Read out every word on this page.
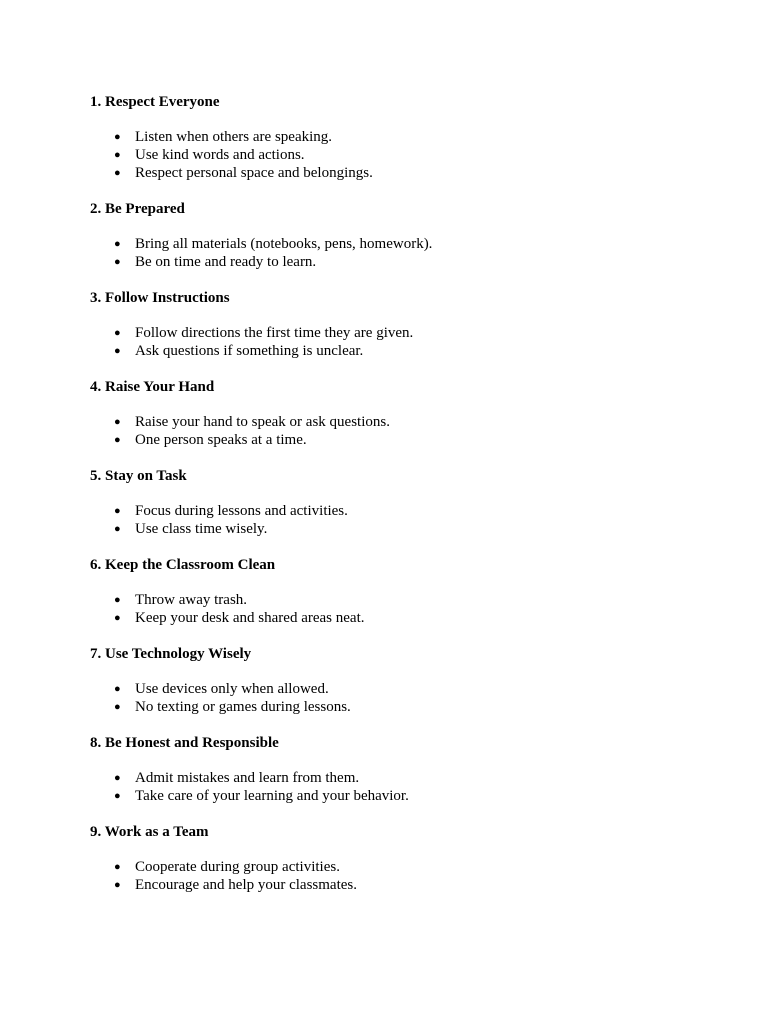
1. Respect Everyone

● Listen when others are speaking.
● Use kind words and actions.
● Respect personal space and belongings.

2. Be Prepared

● Bring all materials (notebooks, pens, homework).
● Be on time and ready to learn.

3. Follow Instructions

● Follow directions the first time they are given.
● Ask questions if something is unclear.

4. Raise Your Hand

● Raise your hand to speak or ask questions.
● One person speaks at a time.

5. Stay on Task

● Focus during lessons and activities.
● Use class time wisely.

6. Keep the Classroom Clean

● Throw away trash.
● Keep your desk and shared areas neat.

7. Use Technology Wisely

● Use devices only when allowed.
● No texting or games during lessons.

8. Be Honest and Responsible

● Admit mistakes and learn from them.
● Take care of your learning and your behavior.

9. Work as a Team

● Cooperate during group activities.
● Encourage and help your classmates.
